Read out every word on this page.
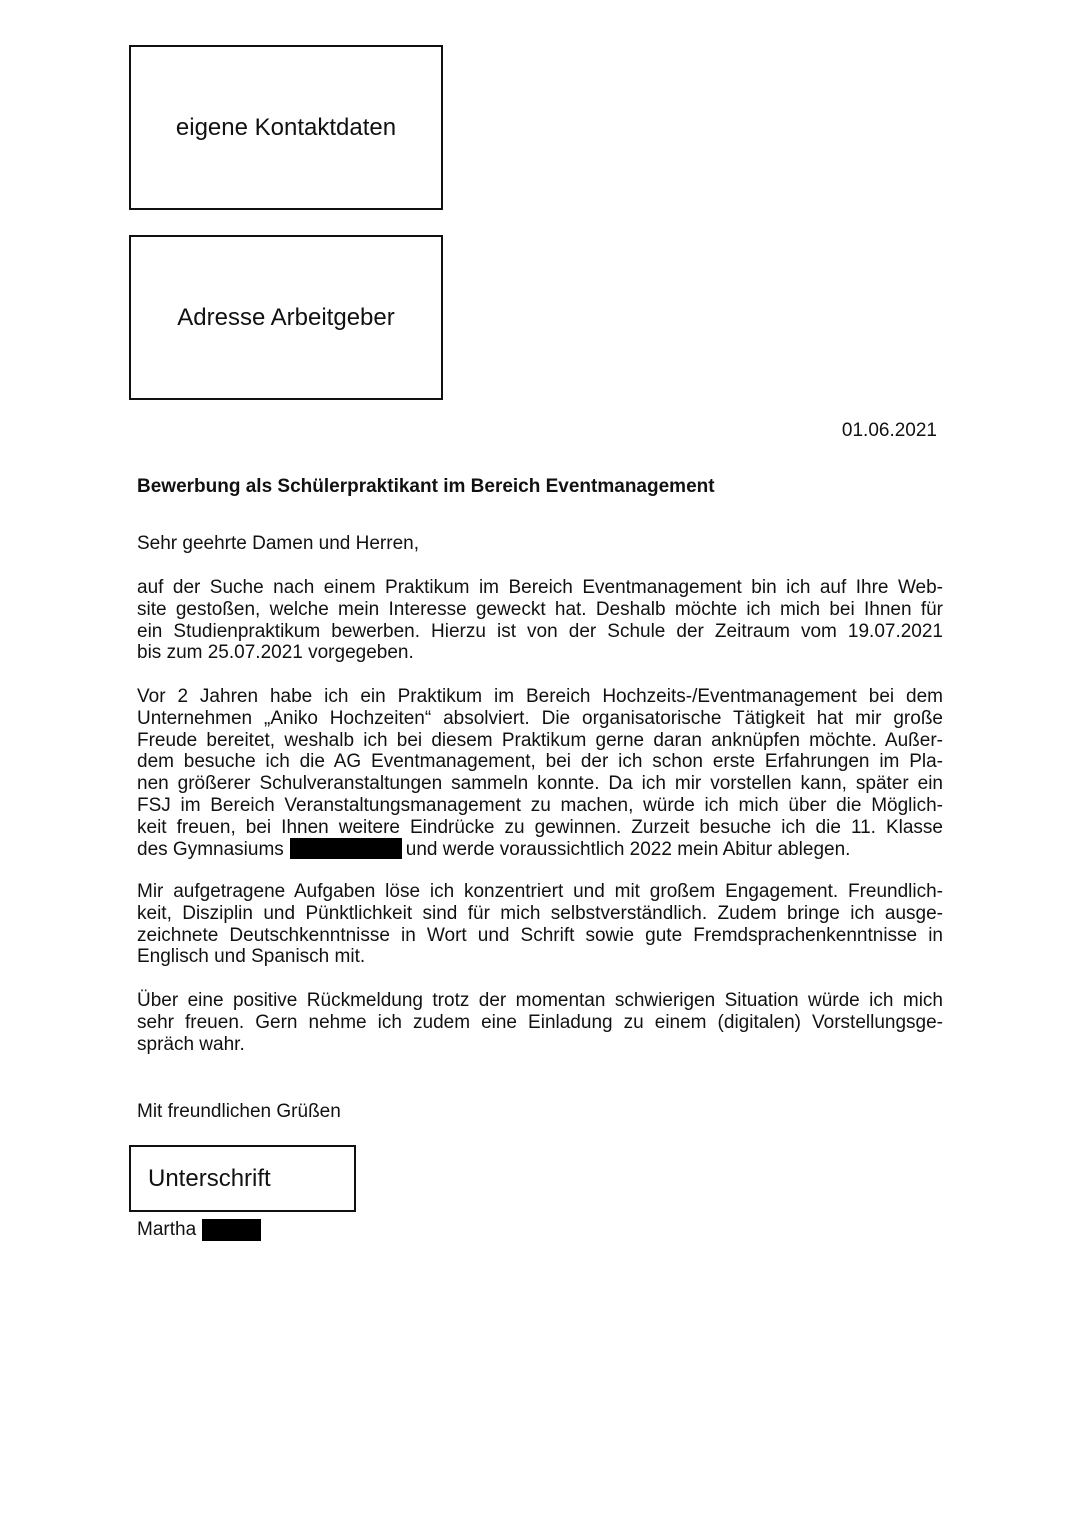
eigene Kontaktdaten
Adresse Arbeitgeber
01.06.2021
Bewerbung als Schülerpraktikant im Bereich Eventmanagement
Sehr geehrte Damen und Herren,
auf der Suche nach einem Praktikum im Bereich Eventmanagement bin ich auf Ihre Web-
site gestoßen, welche mein Interesse geweckt hat. Deshalb möchte ich mich bei Ihnen für
ein Studienpraktikum bewerben. Hierzu ist von der Schule der Zeitraum vom 19.07.2021
bis zum 25.07.2021 vorgegeben.
Vor 2 Jahren habe ich ein Praktikum im Bereich Hochzeits-/Eventmanagement bei dem
Unternehmen „Aniko Hochzeiten“ absolviert. Die organisatorische Tätigkeit hat mir große
Freude bereitet, weshalb ich bei diesem Praktikum gerne daran anknüpfen möchte. Außer-
dem besuche ich die AG Eventmanagement, bei der ich schon erste Erfahrungen im Pla-
nen größerer Schulveranstaltungen sammeln konnte. Da ich mir vorstellen kann, später ein
FSJ im Bereich Veranstaltungsmanagement zu machen, würde ich mich über die Möglich-
keit freuen, bei Ihnen weitere Eindrücke zu gewinnen. Zurzeit besuche ich die 11. Klasse
des Gymnasiums	und werde voraussichtlich 2022 mein Abitur ablegen.
Mir aufgetragene Aufgaben löse ich konzentriert und mit großem Engagement. Freundlich-
keit, Disziplin und Pünktlichkeit sind für mich selbstverständlich. Zudem bringe ich ausge-
zeichnete Deutschkenntnisse in Wort und Schrift sowie gute Fremdsprachenkenntnisse in
Englisch und Spanisch mit.
Über eine positive Rückmeldung trotz der momentan schwierigen Situation würde ich mich
sehr freuen. Gern nehme ich zudem eine Einladung zu einem (digitalen) Vorstellungsge-
spräch wahr.
Mit freundlichen Grüßen
Unterschrift
Martha
